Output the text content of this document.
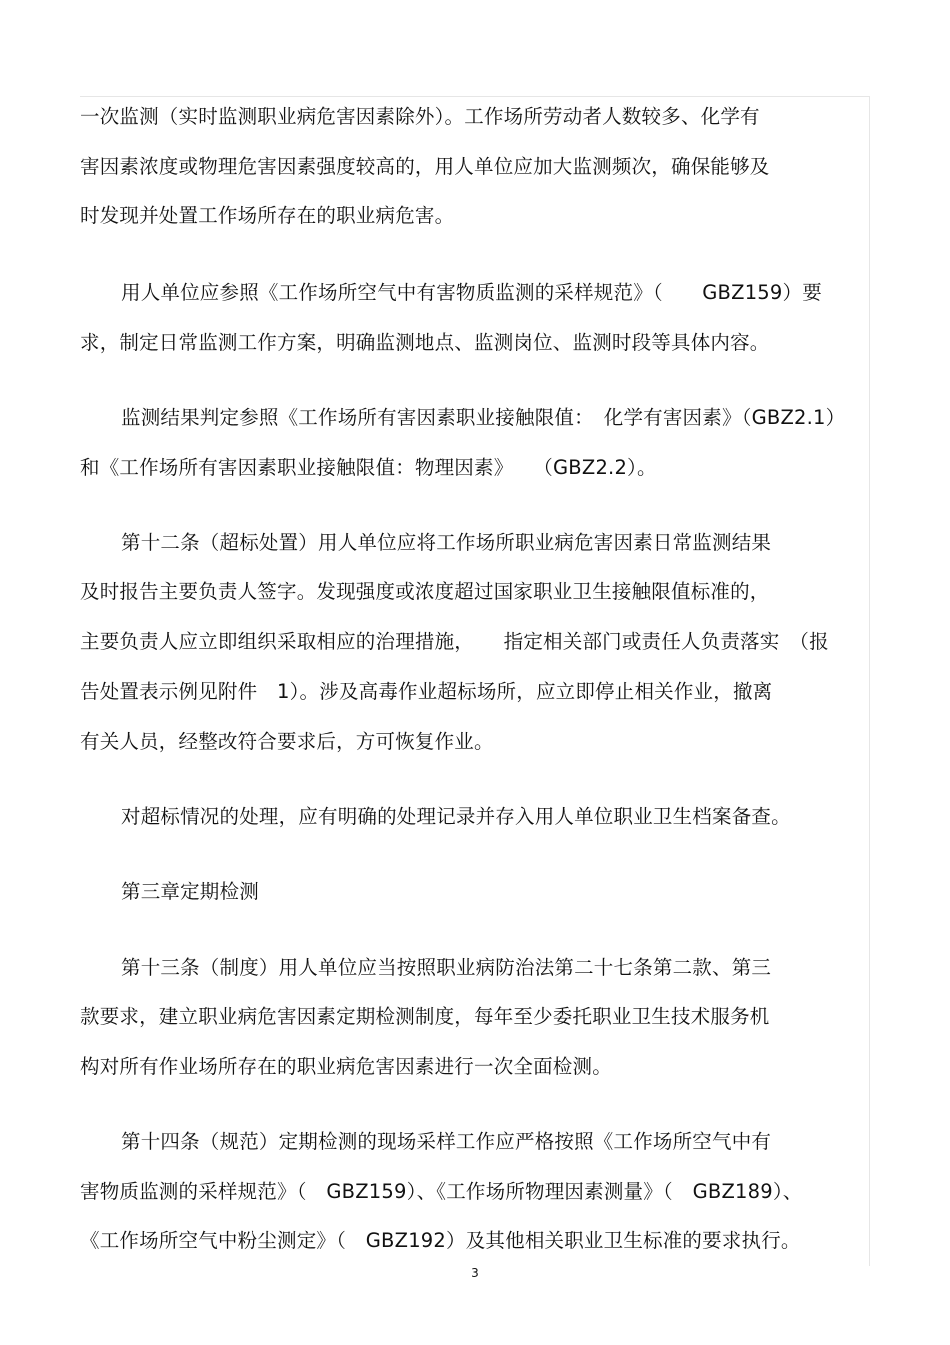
一次监测（实时监测职业病危害因素除外）。工作场所劳动者人数较多、化学有
害因素浓度或物理危害因素强度较高的，用人单位应加大监测频次，确保能够及
时发现并处置工作场所存在的职业病危害。
用人单位应参照《工作场所空气中有害物质监测的采样规范》（　　GBZ159）要
求，制定日常监测工作方案，明确监测地点、监测岗位、监测时段等具体内容。
监测结果判定参照《工作场所有害因素职业接触限值：　化学有害因素》（GBZ2.1）
和《工作场所有害因素职业接触限值：物理因素》　　（GBZ2.2）。
第十二条（超标处置）用人单位应将工作场所职业病危害因素日常监测结果
及时报告主要负责人签字。发现强度或浓度超过国家职业卫生接触限值标准的，
主要负责人应立即组织采取相应的治理措施，　　指定相关部门或责任人负责落实　（报
告处置表示例见附件　1）。涉及高毒作业超标场所，应立即停止相关作业，撤离
有关人员，经整改符合要求后，方可恢复作业。
对超标情况的处理，应有明确的处理记录并存入用人单位职业卫生档案备查。
第三章定期检测
第十三条（制度）用人单位应当按照职业病防治法第二十七条第二款、第三
款要求，建立职业病危害因素定期检测制度，每年至少委托职业卫生技术服务机
构对所有作业场所存在的职业病危害因素进行一次全面检测。
第十四条（规范）定期检测的现场采样工作应严格按照《工作场所空气中有
害物质监测的采样规范》（　GBZ159）、《工作场所物理因素测量》（　GBZ189）、
《工作场所空气中粉尘测定》（　GBZ192）及其他相关职业卫生标准的要求执行。
3
